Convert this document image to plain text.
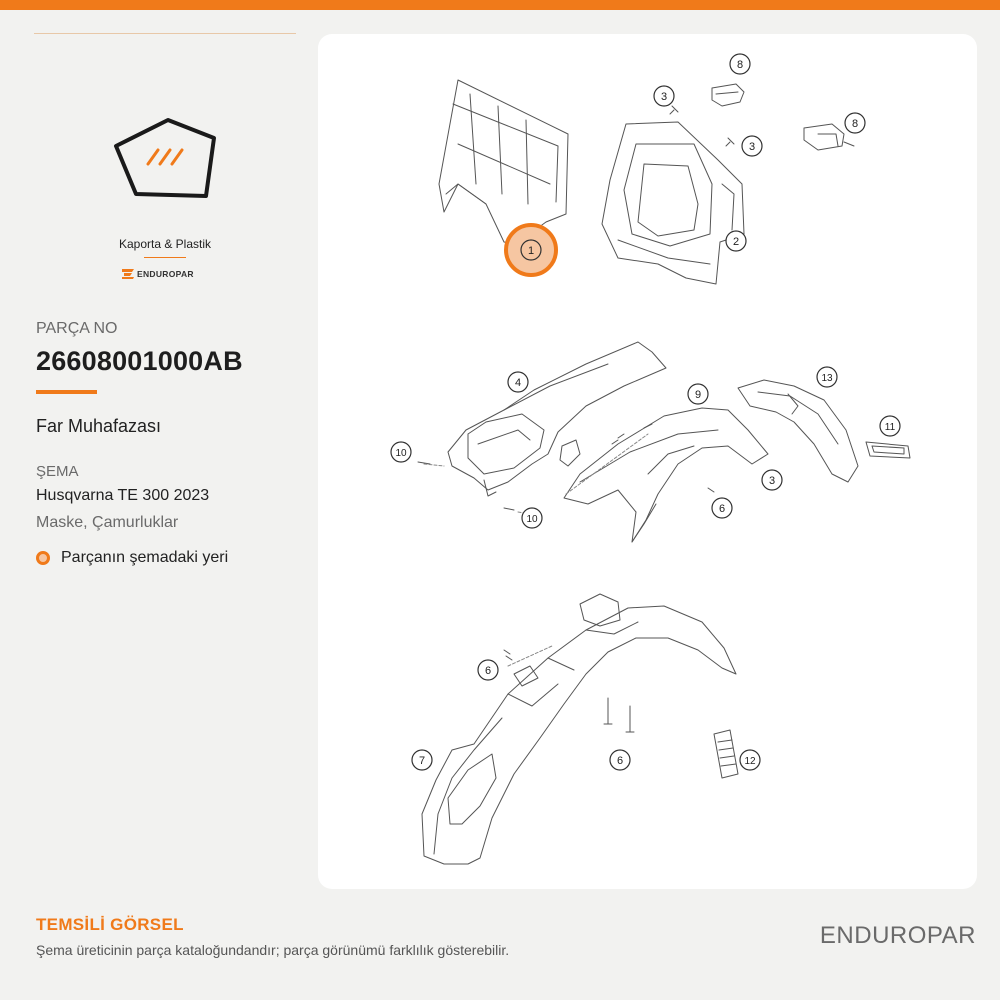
Kaporta & Plastik
ENDUROPAR
PARÇA NO
26608001000AB
Far Muhafazası
ŞEMA
Husqvarna TE 300 2023
Maske, Çamurluklar
Parçanın şemadaki yeri
1
2
3
3
3
4
6
6
6
7
8
8
9
10
10
11
12
13
TEMSİLİ GÖRSEL
Şema üreticinin parça kataloğundandır; parça görünümü farklılık gösterebilir.
ENDUROPAR
